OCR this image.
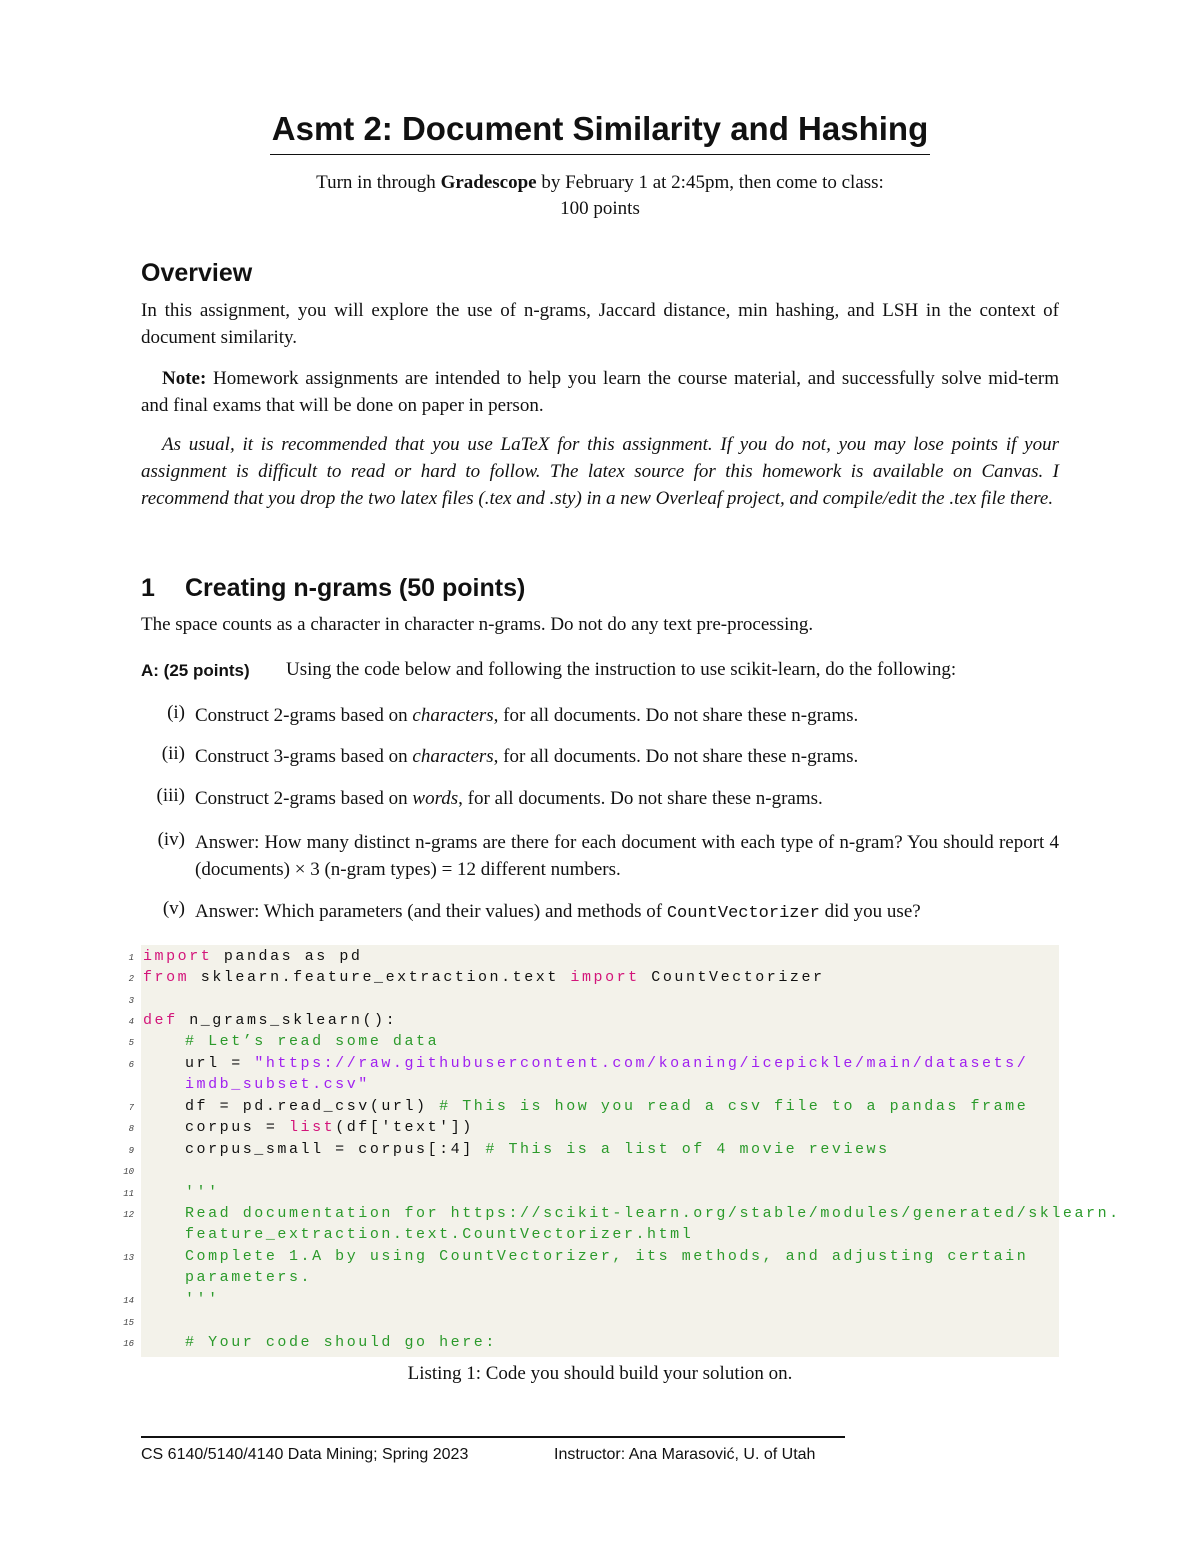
Asmt 2: Document Similarity and Hashing
Turn in through Gradescope by February 1 at 2:45pm, then come to class:
100 points
Overview
In this assignment, you will explore the use of n-grams, Jaccard distance, min hashing, and LSH in the context of document similarity.
Note: Homework assignments are intended to help you learn the course material, and successfully solve mid-term and final exams that will be done on paper in person.
As usual, it is recommended that you use LaTeX for this assignment. If you do not, you may lose points if your assignment is difficult to read or hard to follow. The latex source for this homework is available on Canvas. I recommend that you drop the two latex files (.tex and .sty) in a new Overleaf project, and compile/edit the .tex file there.
1 Creating n-grams (50 points)
The space counts as a character in character n-grams. Do not do any text pre-processing.
A: (25 points) Using the code below and following the instruction to use scikit-learn, do the following:
(i) Construct 2-grams based on characters, for all documents. Do not share these n-grams.
(ii) Construct 3-grams based on characters, for all documents. Do not share these n-grams.
(iii) Construct 2-grams based on words, for all documents. Do not share these n-grams.
(iv) Answer: How many distinct n-grams are there for each document with each type of n-gram? You should report 4 (documents) × 3 (n-gram types) = 12 different numbers.
(v) Answer: Which parameters (and their values) and methods of CountVectorizer did you use?
1
2
3
4
5
6
7
8
9
10
11
12
13
14
15
16
import pandas as pd
from sklearn.feature_extraction.text import CountVectorizer
def n_grams_sklearn():
# Let’s read some data
url = "https://raw.githubusercontent.com/koaning/icepickle/main/datasets/
imdb_subset.csv"
df = pd.read_csv(url) # This is how you read a csv file to a pandas frame
corpus = list(df['text'])
corpus_small = corpus[:4] # This is a list of 4 movie reviews
'''
Read documentation for https://scikit-learn.org/stable/modules/generated/sklearn.
feature_extraction.text.CountVectorizer.html
Complete 1.A by using CountVectorizer, its methods, and adjusting certain
parameters.
'''
# Your code should go here:
Listing 1: Code you should build your solution on.
CS 6140/5140/4140 Data Mining; Spring 2023	Instructor: Ana Marasović, U. of Utah
